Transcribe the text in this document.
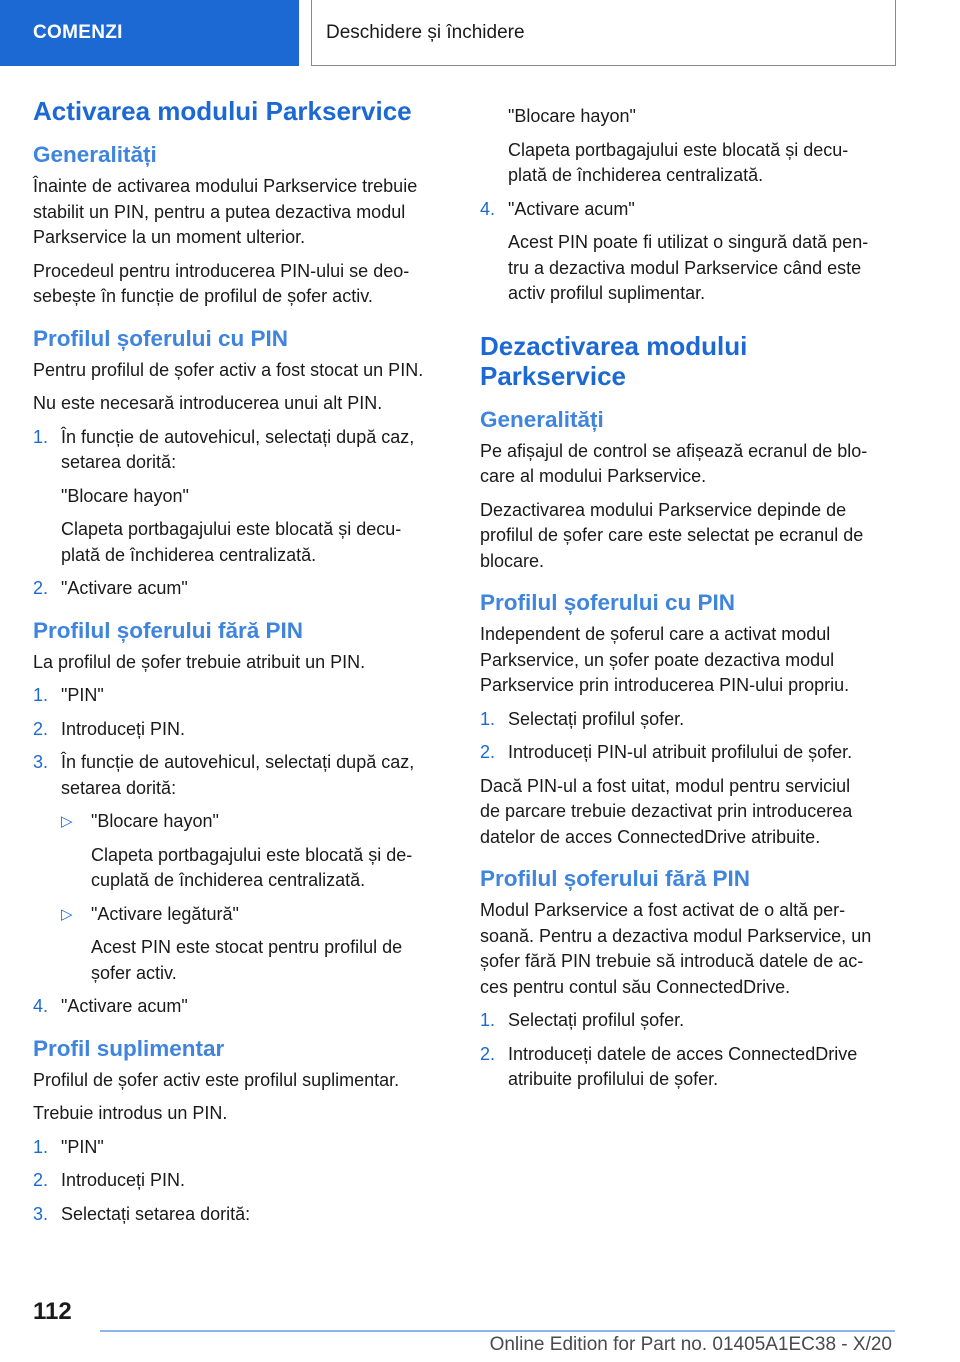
COMENZI	Deschidere și închidere
Activarea modului Parkservice
Generalități

Înainte de activarea modului Parkservice trebuie
stabilit un PIN, pentru a putea dezactiva modul
Parkservice la un moment ulterior.

Procedeul pentru introducerea PIN-ului se deo-
sebește în funcție de profilul de șofer activ.

Profilul șoferului cu PIN

Pentru profilul de șofer activ a fost stocat un PIN.

Nu este necesară introducerea unui alt PIN.

1. În funcție de autovehicul, selectați după caz,
setarea dorită:
"Blocare hayon"
Clapeta portbagajului este blocată și decu-
plată de închiderea centralizată.
2. "Activare acum"
Profilul șoferului fără PIN

La profilul de șofer trebuie atribuit un PIN.

1. "PIN"
2. Introduceți PIN.
3. În funcție de autovehicul, selectați după caz,
setarea dorită:
▷ "Blocare hayon"
Clapeta portbagajului este blocată și de-
cuplată de închiderea centralizată.
▷ "Activare legătură"
Acest PIN este stocat pentru profilul de
șofer activ.
4. "Activare acum"
Profil suplimentar

Profilul de șofer activ este profilul suplimentar.

Trebuie introdus un PIN.

1. "PIN"
2. Introduceți PIN.
3. Selectați setarea dorită:
"Blocare hayon"
Clapeta portbagajului este blocată și decu-
plată de închiderea centralizată.
4. "Activare acum"
Acest PIN poate fi utilizat o singură dată pen-
tru a dezactiva modul Parkservice când este
activ profilul suplimentar.
Dezactivarea modului
Parkservice
Generalități

Pe afișajul de control se afișează ecranul de blo-
care al modului Parkservice.

Dezactivarea modului Parkservice depinde de
profilul de șofer care este selectat pe ecranul de
blocare.

Profilul șoferului cu PIN

Independent de șoferul care a activat modul
Parkservice, un șofer poate dezactiva modul
Parkservice prin introducerea PIN-ului propriu.

1. Selectați profilul șofer.
2. Introduceți PIN-ul atribuit profilului de șofer.

Dacă PIN-ul a fost uitat, modul pentru serviciul
de parcare trebuie dezactivat prin introducerea
datelor de acces ConnectedDrive atribuite.

Profilul șoferului fără PIN

Modul Parkservice a fost activat de o altă per-
soană. Pentru a dezactiva modul Parkservice, un
șofer fără PIN trebuie să introducă datele de ac-
ces pentru contul său ConnectedDrive.

1. Selectați profilul șofer.
2. Introduceți datele de acces ConnectedDrive
atribuite profilului de șofer.
112
Online Edition for Part no. 01405A1EC38 - X/20
